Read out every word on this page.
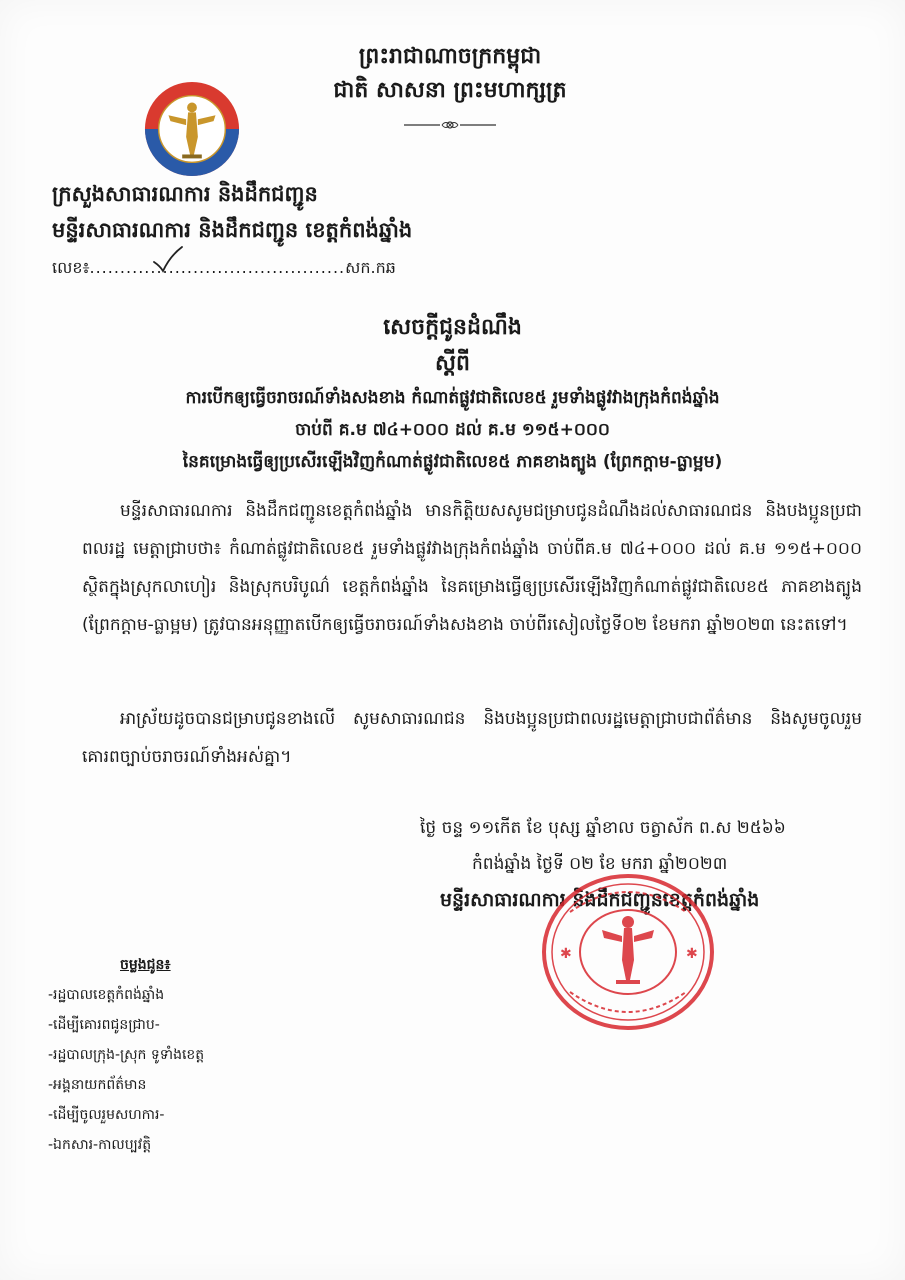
ព្រះរាជាណាចក្រកម្ពុជា
ជាតិ សាសនា ព្រះមហាក្សត្រ
ក្រសួងសាធារណការ និងដឹកជញ្ជូន
មន្ទីរសាធារណការ និងដឹកជញ្ជូន ខេត្តកំពង់ឆ្នាំង
លេខ៖..........................................សក.កឆ
សេចក្ដីជូនដំណឹង
ស្ដីពី
ការបើកឲ្យធ្វើចរាចរណ៍ទាំងសងខាង កំណាត់ផ្លូវជាតិលេខ៥ រួមទាំងផ្លូវវាងក្រុងកំពង់ឆ្នាំង
ចាប់ពី គ.ម ៧៤+០០០ ដល់ គ.ម ១១៥+០០០
នៃគម្រោងធ្វើឲ្យប្រសើរឡើងវិញកំណាត់ផ្លូវជាតិលេខ៥ ភាគខាងត្បូង (ព្រែកក្ដាម-ធ្លាម្អម)
មន្ទីរសាធារណការ និងដឹកជញ្ជូនខេត្តកំពង់ឆ្នាំង មានកិត្តិយសសូមជម្រាបជូនដំណឹងដល់សាធារណជន និងបងប្អូនប្រជាពលរដ្ឋ មេត្តាជ្រាបថា៖ កំណាត់ផ្លូវជាតិលេខ៥ រួមទាំងផ្លូវវាងក្រុងកំពង់ឆ្នាំង ចាប់ពីគ.ម ៧៤+០០០ ដល់ គ.ម ១១៥+០០០ ស្ថិតក្នុងស្រុកលាហៀរ និងស្រុកបរិបូណ៌ ខេត្តកំពង់ឆ្នាំង នៃគម្រោងធ្វើឲ្យប្រសើរឡើងវិញកំណាត់ផ្លូវជាតិលេខ៥ ភាគខាងត្បូង (ព្រែកក្ដាម-ធ្លាម្អម) ត្រូវបានអនុញ្ញាតបើកឲ្យធ្វើចរាចរណ៍ទាំងសងខាង ចាប់ពីរសៀលថ្ងៃទី០២ ខែមករា ឆ្នាំ២០២៣ នេះតទៅ។
អាស្រ័យដូចបានជម្រាបជូនខាងលើ សូមសាធារណជន និងបងប្អូនប្រជាពលរដ្ឋមេត្តាជ្រាបជាព័ត៌មាន និងសូមចូលរួមគោរពច្បាប់ចរាចរណ៍ទាំងអស់គ្នា។
ថ្ងៃ ចន្ទ ១១កើត ខែ បុស្ស ឆ្នាំខាល ចត្វាស័ក ព.ស ២៥៦៦
កំពង់ឆ្នាំង ថ្ងៃទី ០២ ខែ មករា ឆ្នាំ២០២៣
មន្ទីរសាធារណការ និងដឹកជញ្ជូនខេត្តកំពង់ឆ្នាំង
✱	✱
ចម្លងជូន៖
-រដ្ឋបាលខេត្តកំពង់ឆ្នាំង
-ដើម្បីគោរពជូនជ្រាប-
-រដ្ឋបាលក្រុង-ស្រុក ទូទាំងខេត្ត
-អង្គនាយកព័ត៌មាន
-ដើម្បីចូលរួមសហការ-
-ឯកសារ-កាលប្បវត្តិ
